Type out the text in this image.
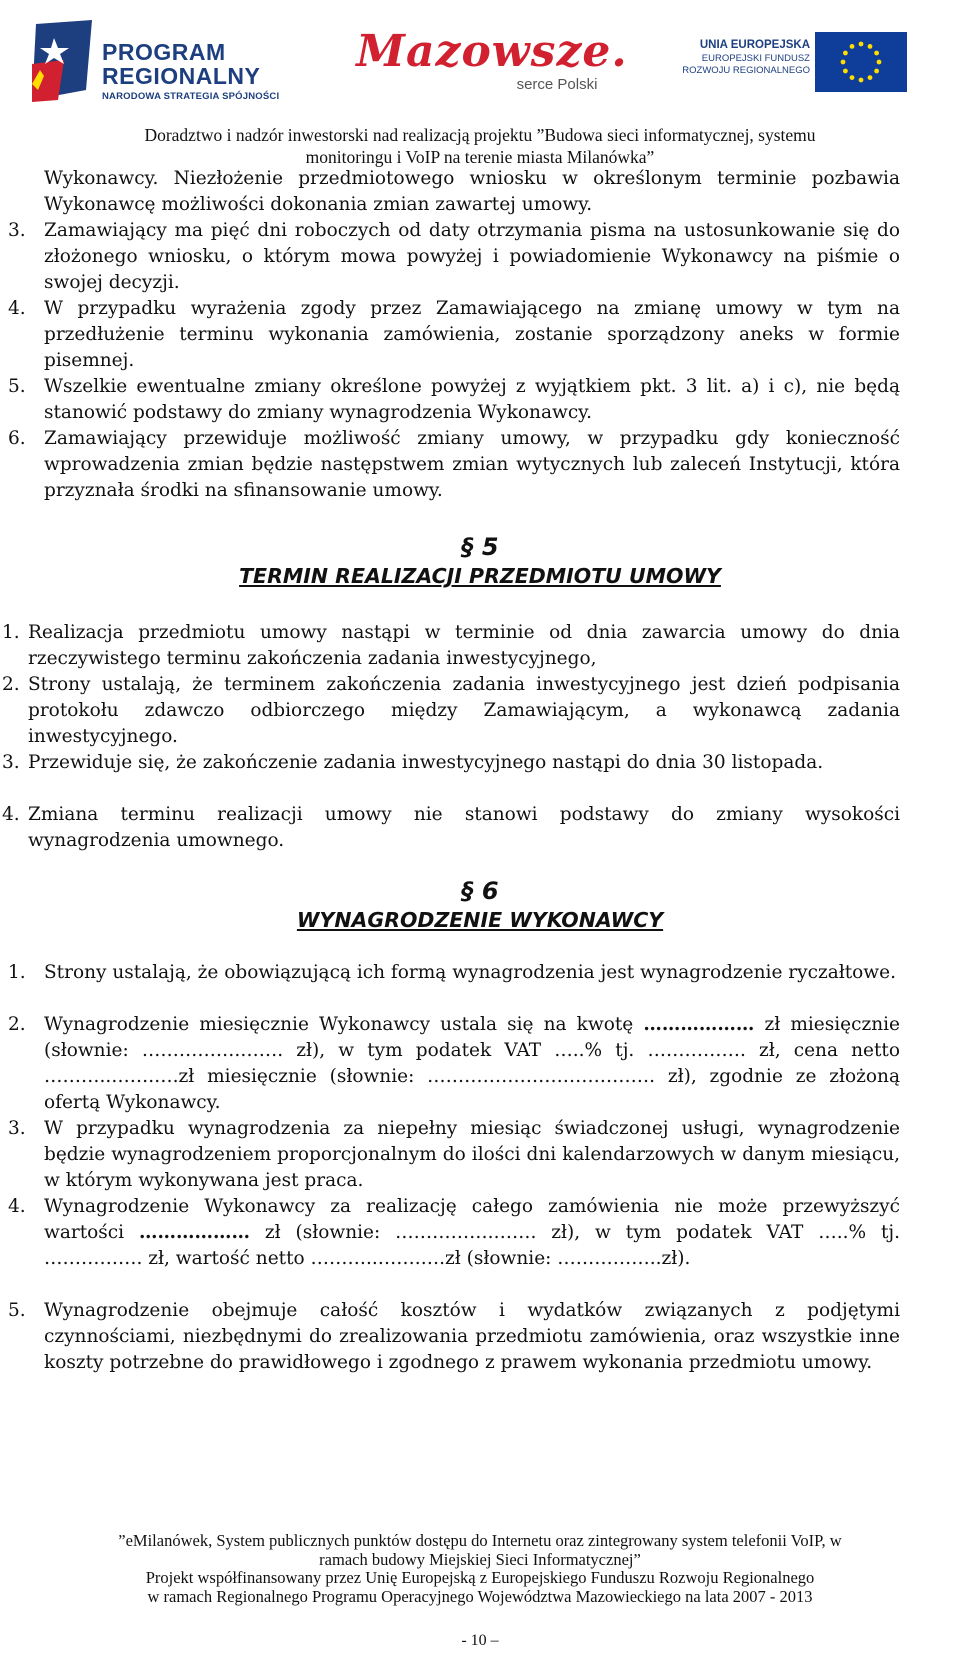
PROGRAM
REGIONALNY
NARODOWA STRATEGIA SPÓJNOŚCI
Mazowsze.
serce Polski
UNIA EUROPEJSKA
EUROPEJSKI FUNDUSZ
ROZWOJU REGIONALNEGO
Doradztwo i nadzór inwestorski nad realizacją projektu ”Budowa sieci informatycznej, systemu
monitoringu i VoIP na terenie miasta Milanówka”

Wykonawcy. Niezłożenie przedmiotowego wniosku w określonym terminie pozbawia Wykonawcę możliwości dokonania zmian zawartej umowy.

3. Zamawiający ma pięć dni roboczych od daty otrzymania pisma na ustosunkowanie się do złożonego wniosku, o którym mowa powyżej i powiadomienie Wykonawcy na piśmie o swojej decyzji.
4. W przypadku wyrażenia zgody przez Zamawiającego na zmianę umowy w tym na przedłużenie terminu wykonania zamówienia, zostanie sporządzony aneks w formie pisemnej.
5. Wszelkie ewentualne zmiany określone powyżej z wyjątkiem pkt. 3 lit. a) i c), nie będą stanowić podstawy do zmiany wynagrodzenia Wykonawcy.
6. Zamawiający przewiduje możliwość zmiany umowy, w przypadku gdy konieczność wprowadzenia zmian będzie następstwem zmian wytycznych lub zaleceń Instytucji, która przyznała środki na sfinansowanie umowy.
§ 5
TERMIN REALIZACJI PRZEDMIOTU UMOWY
1. Realizacja przedmiotu umowy nastąpi w terminie od dnia zawarcia umowy do dnia rzeczywistego terminu zakończenia zadania inwestycyjnego,
2. Strony ustalają, że terminem zakończenia zadania inwestycyjnego jest dzień podpisania protokołu zdawczo odbiorczego między Zamawiającym, a wykonawcą zadania inwestycyjnego.
3. Przewiduje się, że zakończenie zadania inwestycyjnego nastąpi do dnia 30 listopada.
4. Zmiana terminu realizacji umowy nie stanowi podstawy do zmiany wysokości wynagrodzenia umownego.
§ 6
WYNAGRODZENIE WYKONAWCY
1. Strony ustalają, że obowiązującą ich formą wynagrodzenia jest wynagrodzenie ryczałtowe.
2. Wynagrodzenie miesięcznie Wykonawcy ustala się na kwotę ……………… zł miesięcznie (słownie: …………….……. zł), w tym podatek VAT …..% tj. ……………. zł, cena netto ………..…….….zł miesięcznie (słownie: ………………………………. zł), zgodnie ze złożoną ofertą Wykonawcy.
3. W przypadku wynagrodzenia za niepełny miesiąc świadczonej usługi, wynagrodzenie będzie wynagrodzeniem proporcjonalnym do ilości dni kalendarzowych w danym miesiącu, w którym wykonywana jest praca.
4. Wynagrodzenie Wykonawcy za realizację całego zamówienia nie może przewyższyć wartości ……………… zł (słownie: …………….……. zł), w tym podatek VAT …..% tj. ……………. zł, wartość netto ………..…….….zł (słownie: ……………..zł).
5. Wynagrodzenie obejmuje całość kosztów i wydatków związanych z podjętymi czynnościami, niezbędnymi do zrealizowania przedmiotu zamówienia, oraz wszystkie inne koszty potrzebne do prawidłowego i zgodnego z prawem wykonania przedmiotu umowy.
”eMilanówek, System publicznych punktów dostępu do Internetu oraz zintegrowany system telefonii VoIP, w
ramach budowy Miejskiej Sieci Informatycznej”
Projekt współfinansowany przez Unię Europejską z Europejskiego Funduszu Rozwoju Regionalnego
w ramach Regionalnego Programu Operacyjnego Województwa Mazowieckiego na lata 2007 - 2013
- 10 –
